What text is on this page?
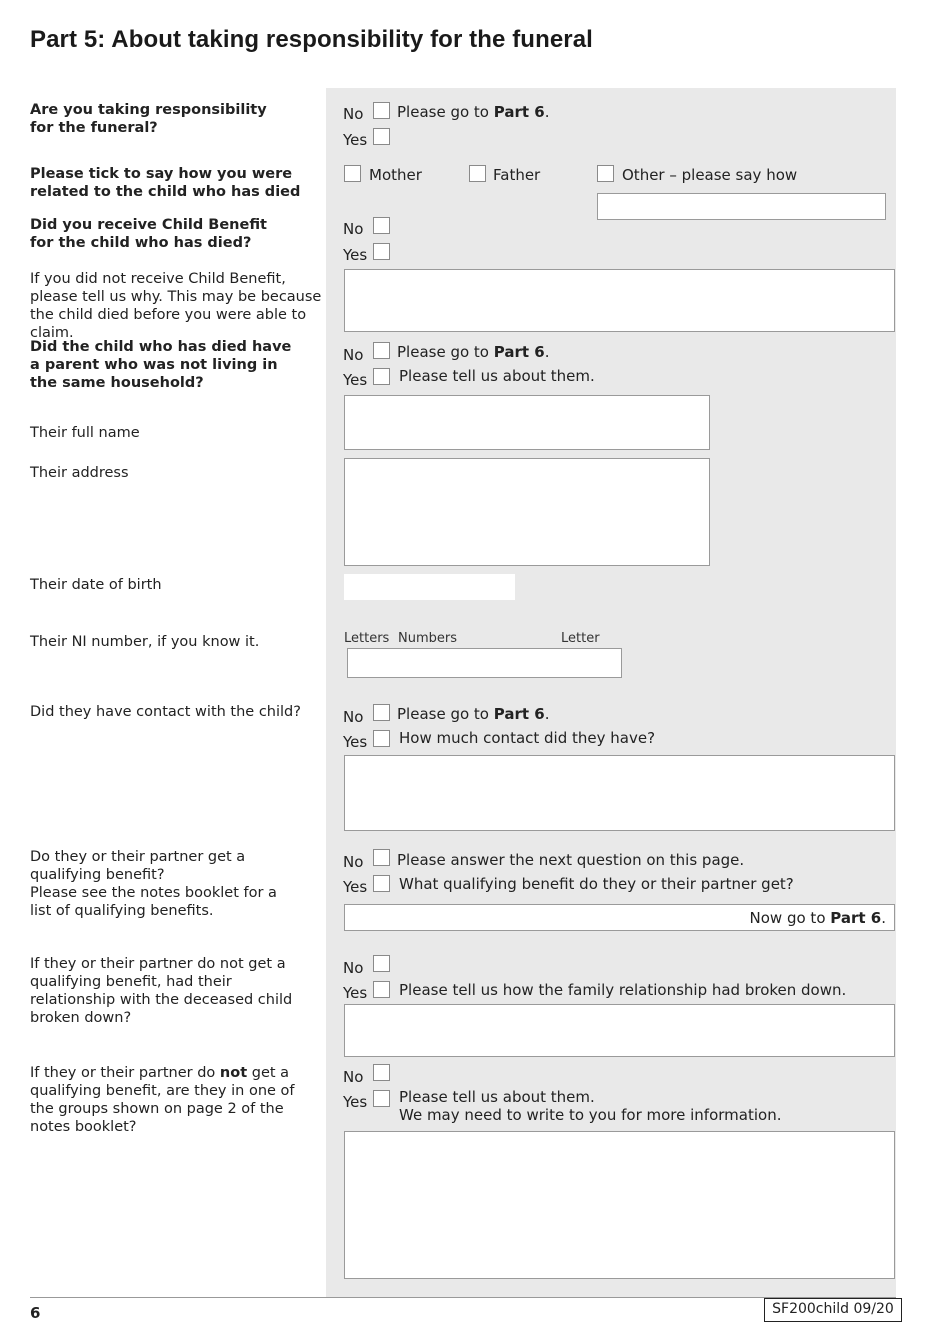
Part 5: About taking responsibility for the funeral
Are you taking responsibility for the funeral?
No Please go to Part 6.
Yes
Please tick to say how you were related to the child who has died
Mother	Father	Other – please say how
Did you receive Child Benefit for the child who has died?
No
Yes
If you did not receive Child Benefit, please tell us why. This may be because the child died before you were able to claim.
Did the child who has died have a parent who was not living in the same household?
No Please go to Part 6.
Yes Please tell us about them.
Their full name
Their address
Their date of birth
Their NI number, if you know it.	Letters Numbers	Letter
Did they have contact with the child?	No Please go to Part 6.
Yes How much contact did they have?
Do they or their partner get a qualifying benefit?
Please see the notes booklet for a list of qualifying benefits.
No Please answer the next question on this page.
Yes What qualifying benefit do they or their partner get?
Now go to Part 6.
If they or their partner do not get a qualifying benefit, had their relationship with the deceased child broken down?
No
Yes Please tell us how the family relationship had broken down.
If they or their partner do not get a qualifying benefit, are they in one of the groups shown on page 2 of the notes booklet?
No
Yes Please tell us about them.
We may need to write to you for more information.
6	SF200child 09/20
